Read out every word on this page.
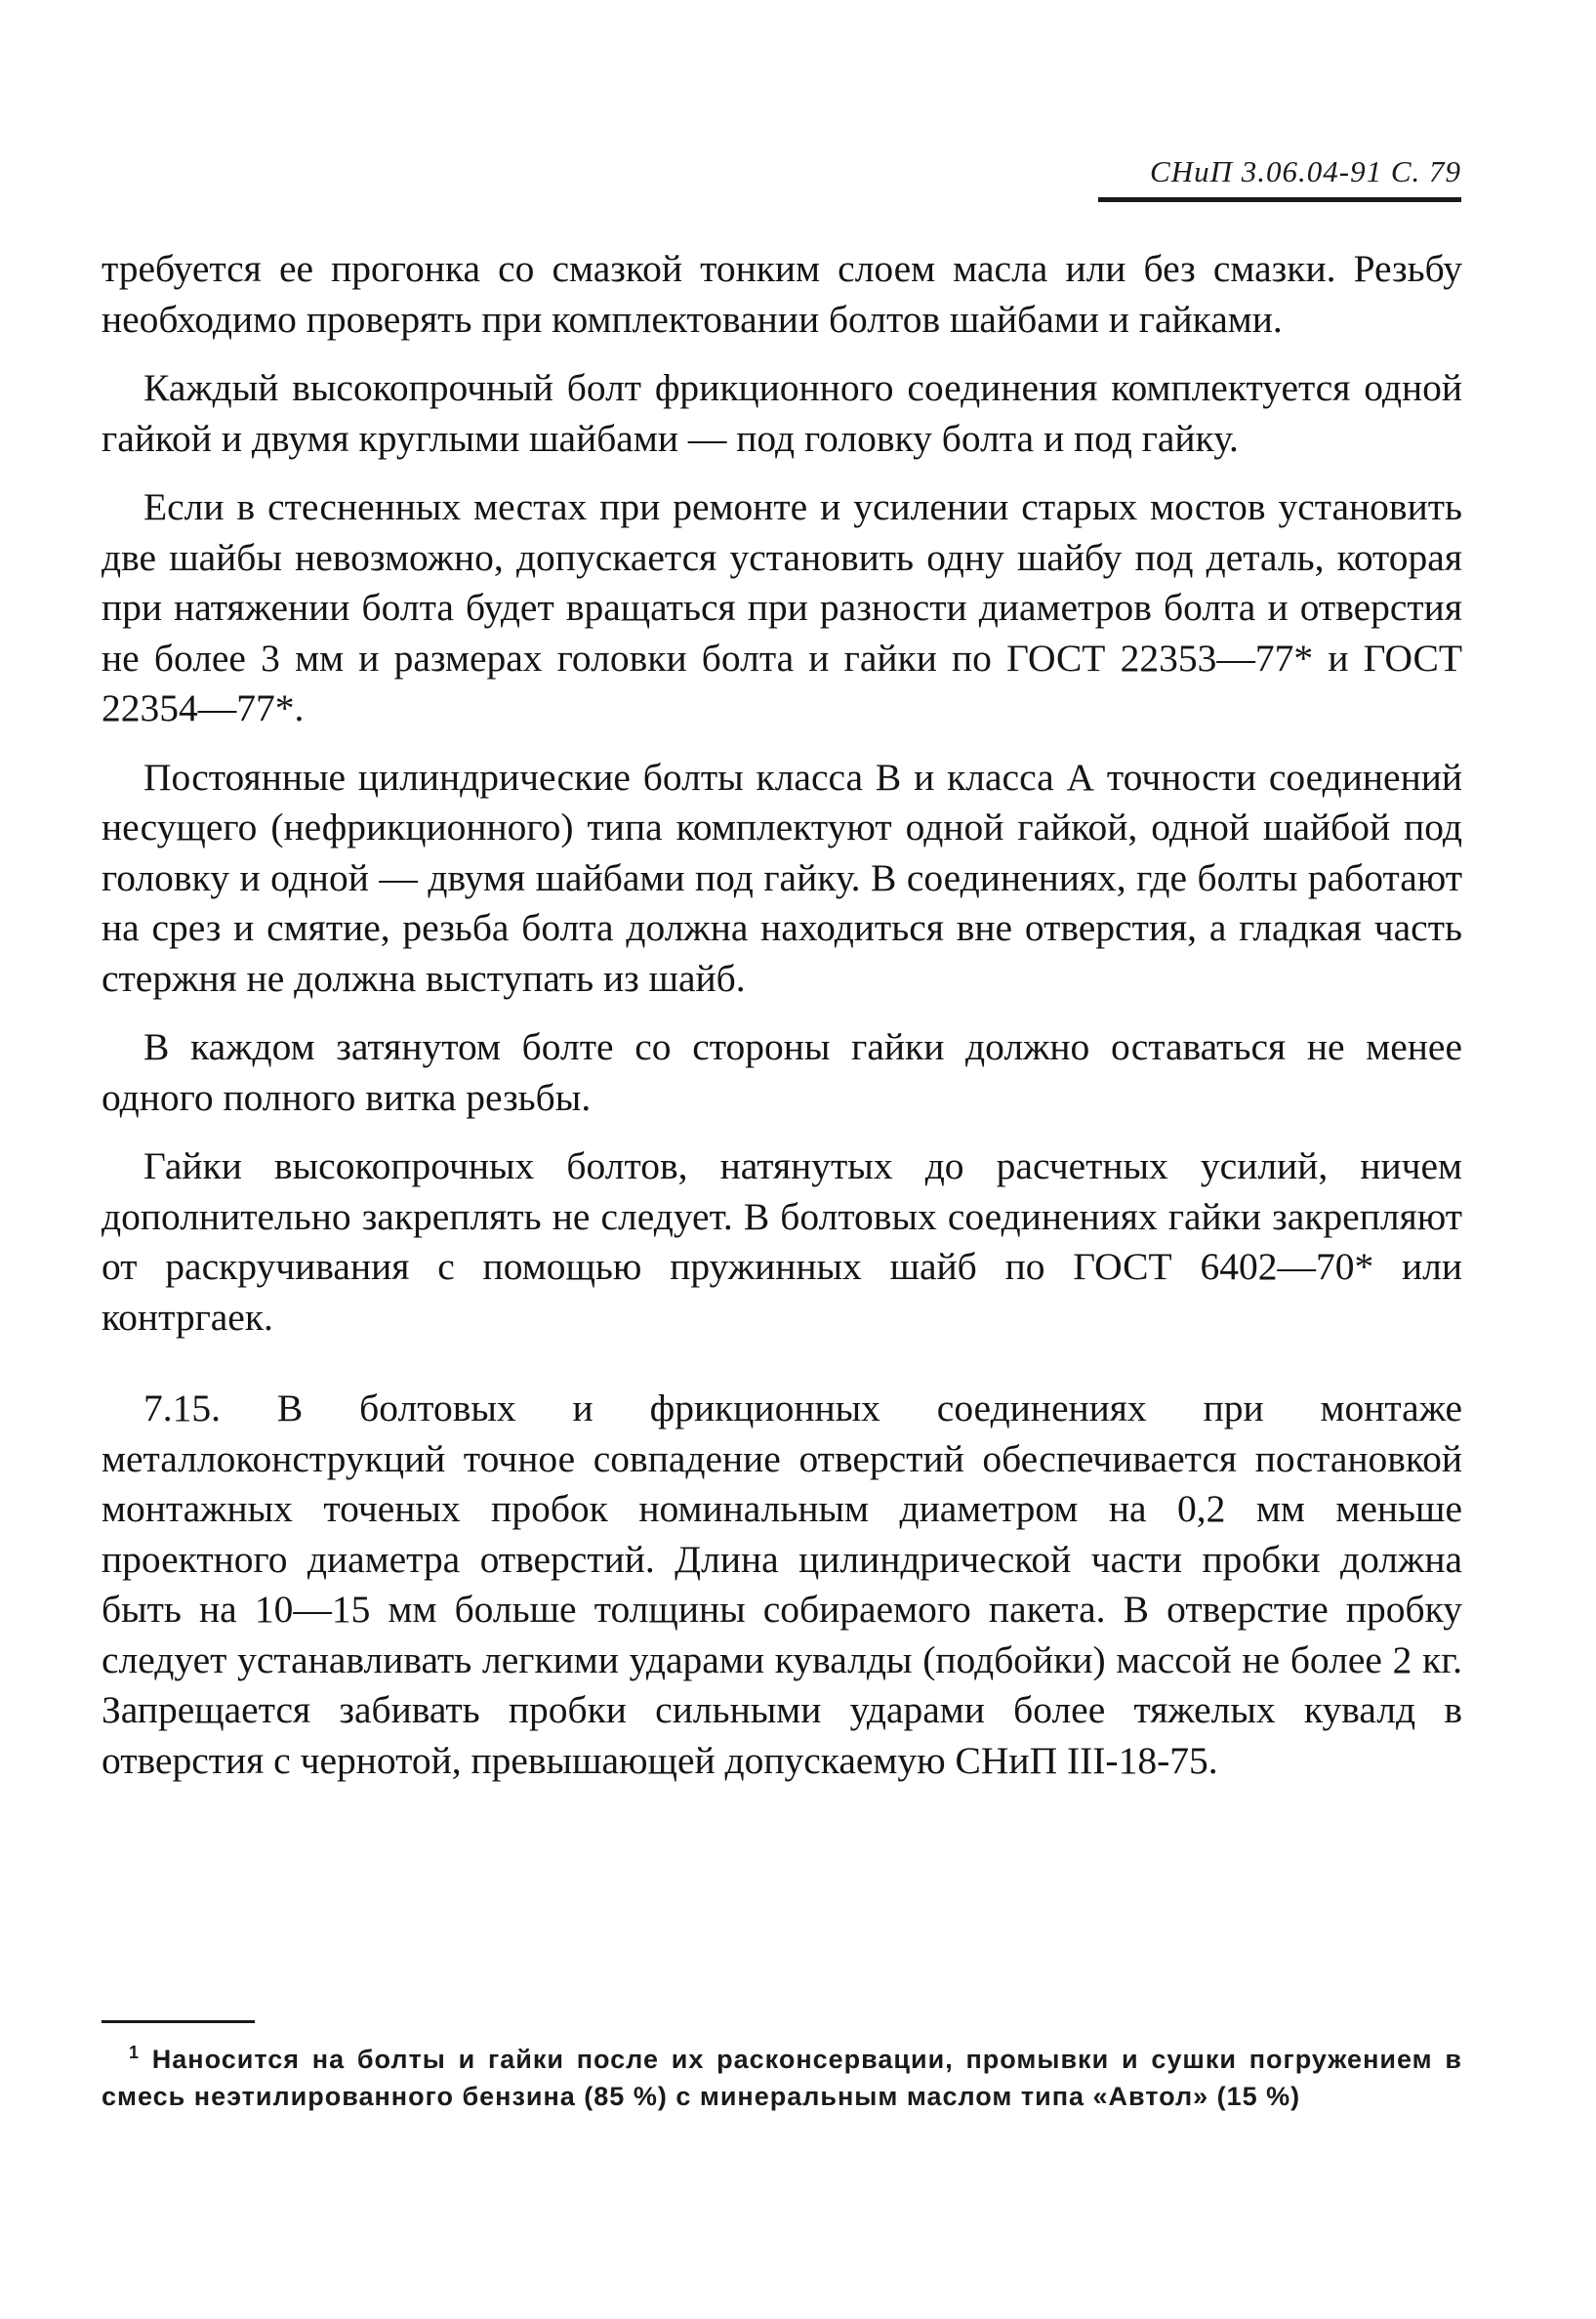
СНиП 3.06.04-91 С. 79

требуется ее прогонка со смазкой тонким слоем масла или без смазки. Резьбу необходимо проверять при комплектовании болтов шайбами и гайками.

Каждый высокопрочный болт фрикционного соединения комплектуется одной гайкой и двумя круглыми шайбами — под головку болта и под гайку.

Если в стесненных местах при ремонте и усилении старых мостов установить две шайбы невозможно, допускается установить одну шайбу под деталь, которая при натяжении болта будет вращаться при разности диаметров болта и отверстия не более 3 мм и размерах головки болта и гайки по ГОСТ 22353—77* и ГОСТ 22354—77*.

Постоянные цилиндрические болты класса В и класса А точности соединений несущего (нефрикционного) типа комплектуют одной гайкой, одной шайбой под головку и одной — двумя шайбами под гайку. В соединениях, где болты работают на срез и смятие, резьба болта должна находиться вне отверстия, а гладкая часть стержня не должна выступать из шайб.

В каждом затянутом болте со стороны гайки должно оставаться не менее одного полного витка резьбы.

Гайки высокопрочных болтов, натянутых до расчетных усилий, ничем дополнительно закреплять не следует. В болтовых соединениях гайки закрепляют от раскручивания с помощью пружинных шайб по ГОСТ 6402—70* или контргаек.

7.15. В болтовых и фрикционных соединениях при монтаже металлоконструкций точное совпадение отверстий обеспечивается постановкой монтажных точеных пробок номинальным диаметром на 0,2 мм меньше проектного диаметра отверстий. Длина цилиндрической части пробки должна быть на 10—15 мм больше толщины собираемого пакета. В отверстие пробку следует устанавливать легкими ударами кувалды (подбойки) массой не более 2 кг. Запрещается забивать пробки сильными ударами более тяжелых кувалд в отверстия с чернотой, превышающей допускаемую СНиП III-18-75.

$^1$ Наносится на болты и гайки после их расконсервации, промывки и сушки погружением в смесь неэтилированного бензина (85 %) с минеральным маслом типа «Автол» (15 %)
